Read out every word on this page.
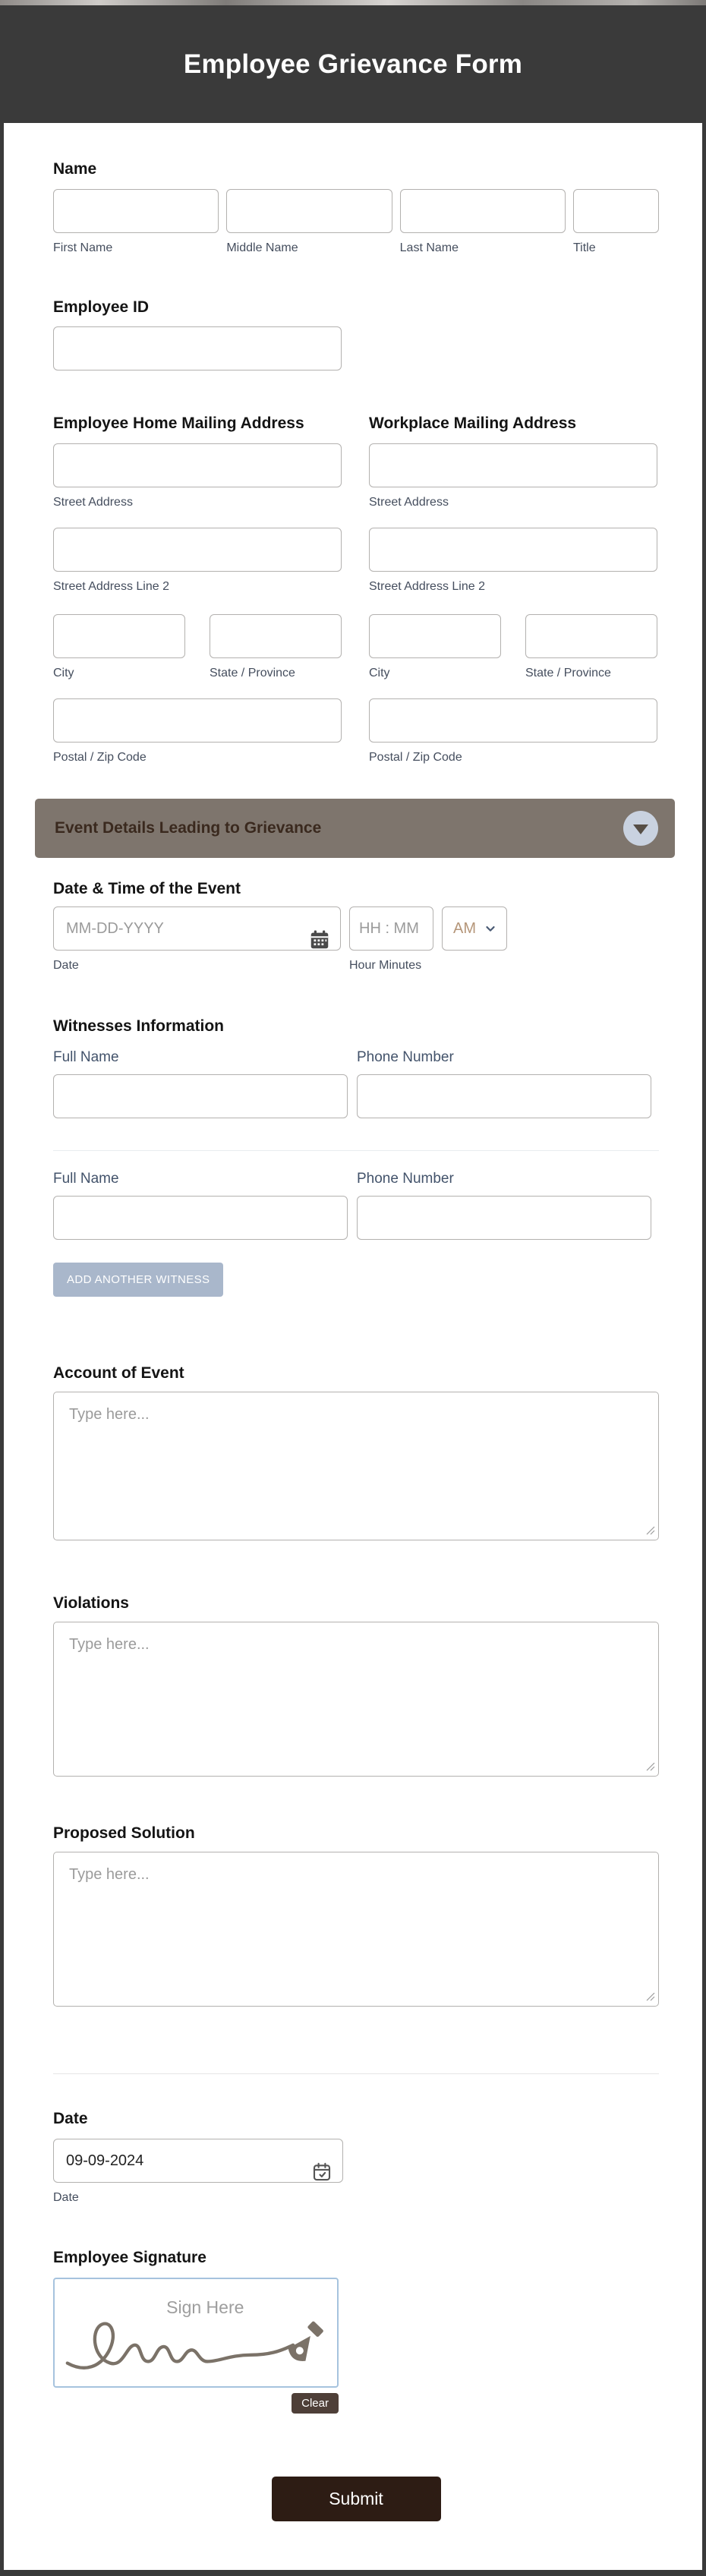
Employee Grievance Form
Name
First Name	Middle Name	Last Name	Title
Employee ID
Employee Home Mailing Address
Street Address
Street Address Line 2
City	State / Province
Postal / Zip Code
Workplace Mailing Address
Street Address
Street Address Line 2
City	State / Province
Postal / Zip Code
Event Details Leading to Grievance
Date & Time of the Event
MM-DD-YYYY
Date
HH : MM	Hour Minutes
AM
Witnesses Information
Full Name	Phone Number
Full Name	Phone Number
ADD ANOTHER WITNESS
Account of Event
Type here...
Violations
Type here...
Proposed Solution
Type here...
Date
09-09-2024
Date
Employee Signature
Sign Here
Clear
Submit
